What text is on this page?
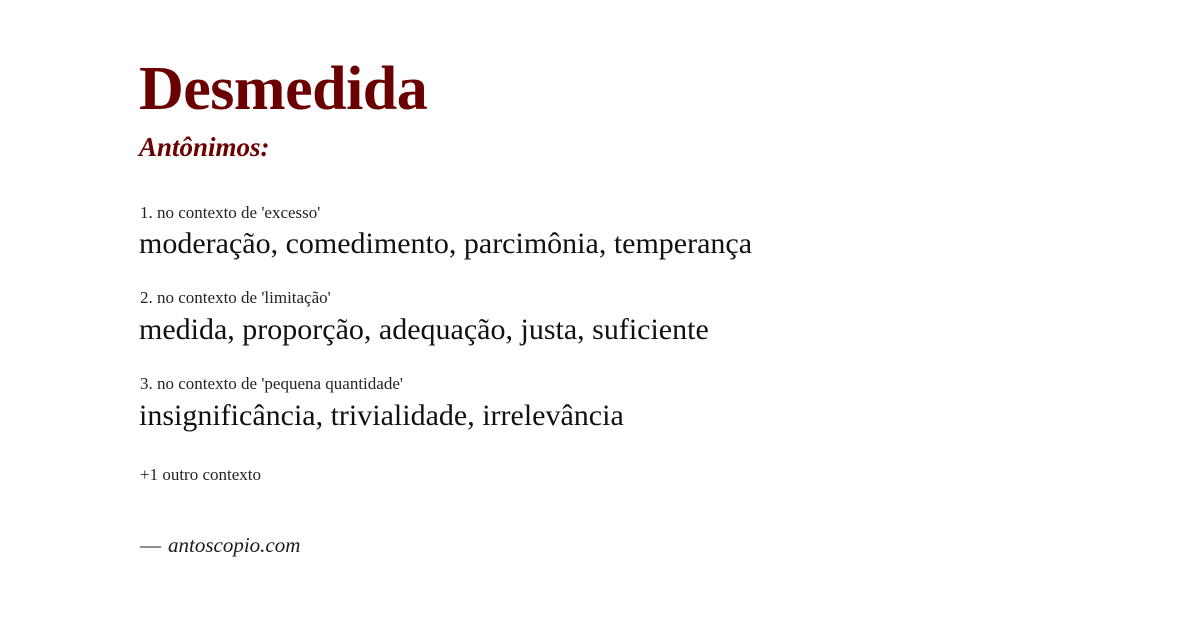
Desmedida
Antônimos:
1. no contexto de 'excesso'
moderação, comedimento, parcimônia, temperança
2. no contexto de 'limitação'
medida, proporção, adequação, justa, suficiente
3. no contexto de 'pequena quantidade'
insignificância, trivialidade, irrelevância
+1 outro contexto
— antoscopio.com
